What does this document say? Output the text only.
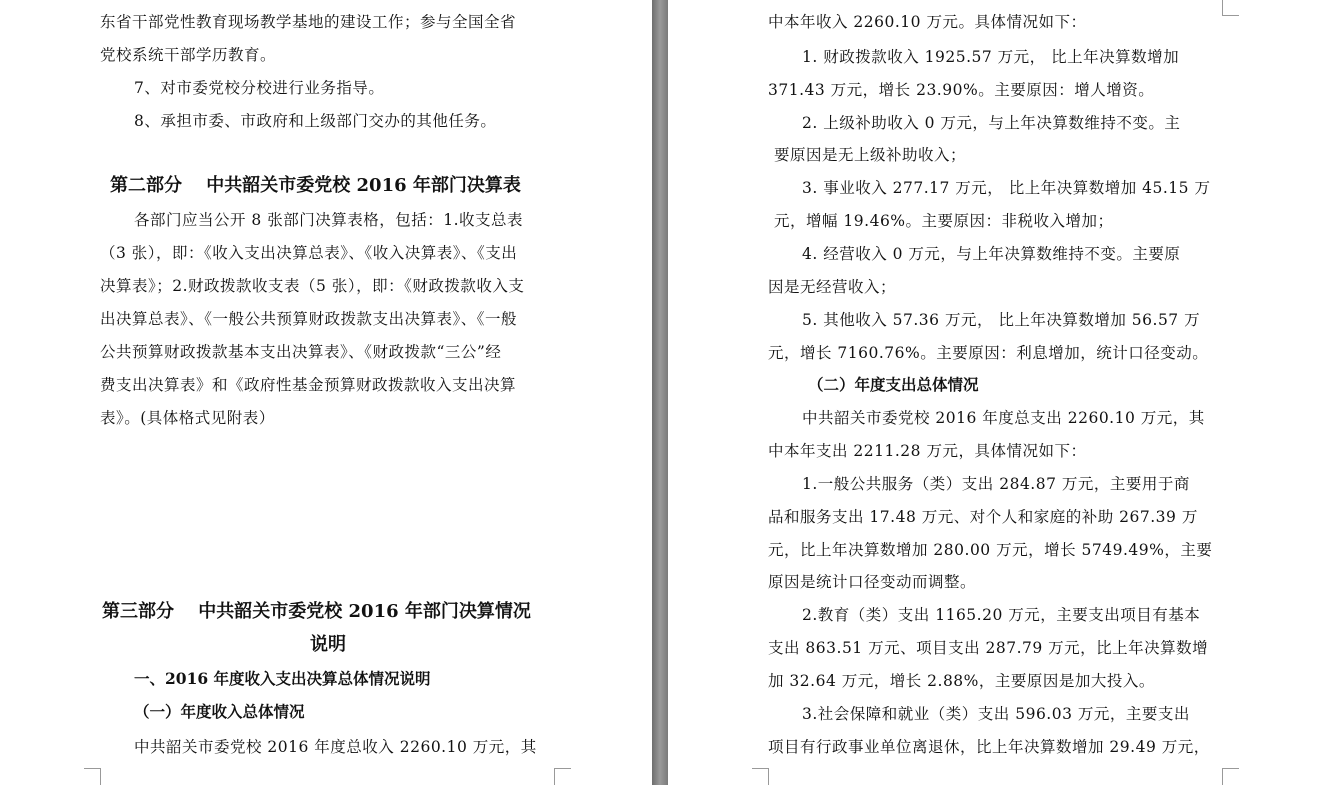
东省干部党性教育现场教学基地的建设工作；参与全国全省
党校系统干部学历教育。
7、对市委党校分校进行业务指导。
8、承担市委、市政府和上级部门交办的其他任务。
第二部分　 中共韶关市委党校 2016 年部门决算表
各部门应当公开 8 张部门决算表格，包括：1.收支总表
（3 张），即：《收入支出决算总表》、《收入决算表》、《支出
决算表》；2.财政拨款收支表（5 张），即：《财政拨款收入支
出决算总表》、《一般公共预算财政拨款支出决算表》、《一般
公共预算财政拨款基本支出决算表》、《财政拨款“三公”经
费支出决算表》和《政府性基金预算财政拨款收入支出决算
表》。(具体格式见附表）
第三部分　 中共韶关市委党校 2016 年部门决算情况
说明
一、2016 年度收入支出决算总体情况说明
（一）年度收入总体情况
中共韶关市委党校 2016 年度总收入 2260.10 万元，其
中本年收入 2260.10 万元。具体情况如下：
1. 财政拨款收入 1925.57 万元， 比上年决算数增加
371.43 万元，增长 23.90%。主要原因：增人增资。
2. 上级补助收入 0 万元，与上年决算数维持不变。主
要原因是无上级补助收入；
3. 事业收入 277.17 万元， 比上年决算数增加 45.15 万
元，增幅 19.46%。主要原因：非税收入增加；
4. 经营收入 0 万元，与上年决算数维持不变。主要原
因是无经营收入；
5. 其他收入 57.36 万元， 比上年决算数增加 56.57 万
元，增长 7160.76%。主要原因：利息增加，统计口径变动。
（二）年度支出总体情况
中共韶关市委党校 2016 年度总支出 2260.10 万元，其
中本年支出 2211.28 万元，具体情况如下：
1.一般公共服务（类）支出 284.87 万元，主要用于商
品和服务支出 17.48 万元、对个人和家庭的补助 267.39 万
元，比上年决算数增加 280.00 万元，增长 5749.49%，主要
原因是统计口径变动而调整。
2.教育（类）支出 1165.20 万元，主要支出项目有基本
支出 863.51 万元、项目支出 287.79 万元，比上年决算数增
加 32.64 万元，增长 2.88%，主要原因是加大投入。
3.社会保障和就业（类）支出 596.03 万元，主要支出
项目有行政事业单位离退休，比上年决算数增加 29.49 万元，
